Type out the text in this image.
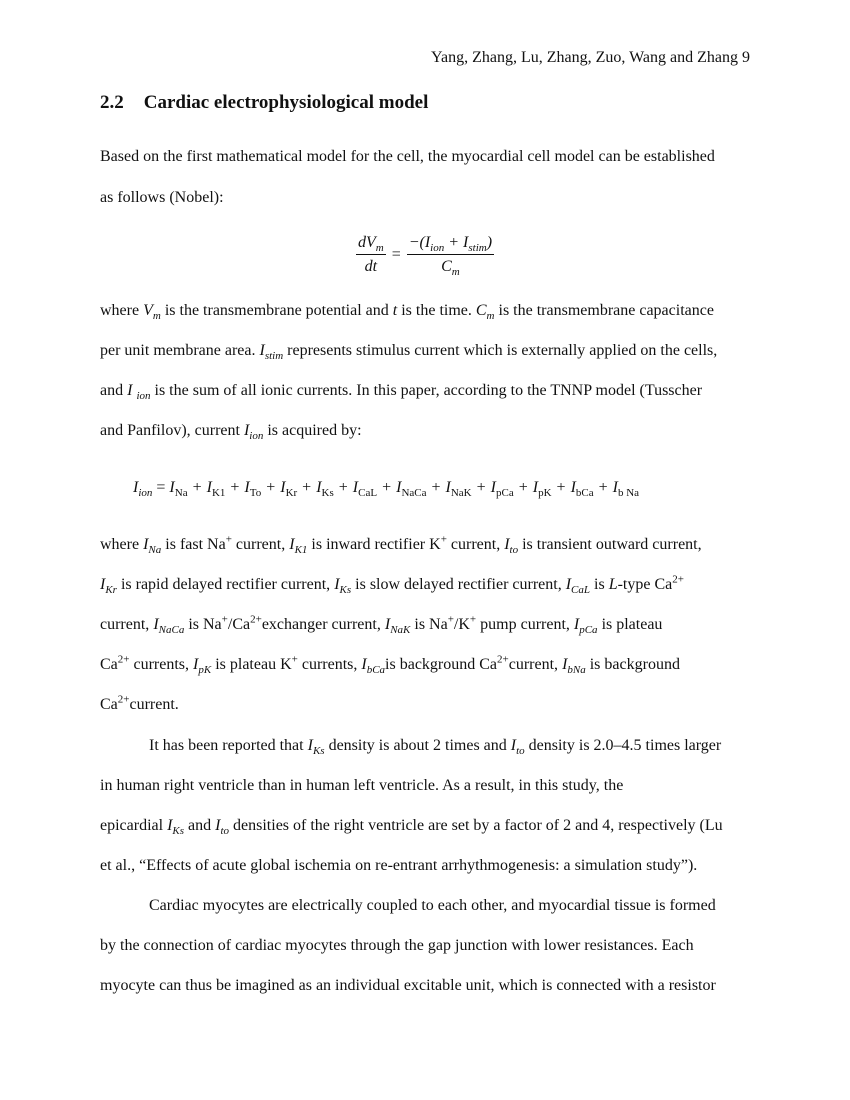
Yang, Zhang, Lu, Zhang, Zuo, Wang and Zhang 9
2.2 Cardiac electrophysiological model
Based on the first mathematical model for the cell, the myocardial cell model can be established
as follows (Nobel):
$\frac{dV_m}{dt} = \frac{-(I_{ion} + I_{stim})}{C_m}$
where $V_m$ is the transmembrane potential and t is the time. $C_m$ is the transmembrane capacitance
per unit membrane area. $I_{stim}$ represents stimulus current which is externally applied on the cells,
and I $_{ion}$ is the sum of all ionic currents. In this paper, according to the TNNP model (Tusscher
and Panfilov), current $I_{ion}$ is acquired by:
$I_{ion} = I_{Na} + I_{K1} + I_{To} + I_{Kr} + I_{Ks} + I_{CaL} + I_{NaCa} + I_{NaK} + I_{pCa} + I_{pK} + I_{bCa} + I_{b Na}$
where $I_{Na}$ is fast Na+ current, $I_{K1}$ is inward rectifier K+ current, $I_{to}$ is transient outward current,
$I_{Kr}$ is rapid delayed rectifier current, $I_{Ks}$ is slow delayed rectifier current, $I_{CaL}$ is L-type $Ca^{2+}$
current, $I_{NaCa}$ is $Na^+/Ca^{2+}exchanger$ current, $I_{NaK}$ is Na+/K+ pump current, $I_{pCa}$ is plateau
$Ca^{2+}$ currents, $I_{pK}$ is plateau K+ currents, $I_{bCa}is$ background $Ca^{2+}current$, $I_{bNa}$ is background
$Ca^{2+}current$.
It has been reported that $I_{Ks}$ density is about 2 times and $I_{to}$ density is 2.0–4.5 times larger
in human right ventricle than in human left ventricle. As a result, in this study, the
epicardial $I_{Ks}$ and $I_{to}$ densities of the right ventricle are set by a factor of 2 and 4, respectively (Lu
et al., “Effects of acute global ischemia on re-entrant arrhythmogenesis: a simulation study”).
Cardiac myocytes are electrically coupled to each other, and myocardial tissue is formed
by the connection of cardiac myocytes through the gap junction with lower resistances. Each
myocyte can thus be imagined as an individual excitable unit, which is connected with a resistor
